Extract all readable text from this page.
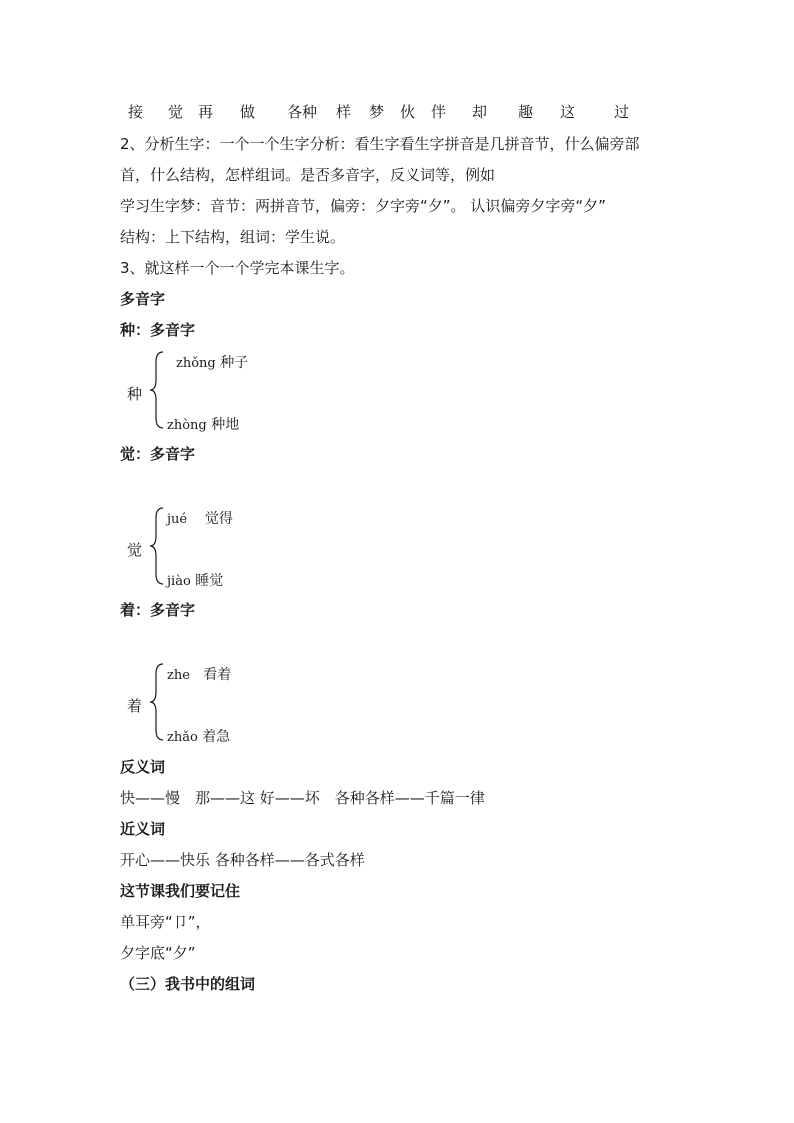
接 觉 再 做 各种 样 梦 伙 伴 却 趣 这	过
2、分析生字：一个一个生字分析：看生字看生字拼音是几拼音节，什么偏旁部
首，什么结构，怎样组词。是否多音字，反义词等，例如
学习生字梦：音节：两拼音节，偏旁：夕字旁“夕”。 认识偏旁夕字旁“夕”
结构：上下结构，组词：学生说。
3、就这样一个一个学完本课生字。
多音字
种：多音字
种
zhǒng 种子
zhòng 种地
觉：多音字
觉
jué 觉得
jiào 睡觉
着：多音字
着
zhe 看着
zhǎo 着急
反义词
快——慢　那——这 好——坏　各种各样——千篇一律
近义词
开心——快乐 各种各样——各式各样
这节课我们要记住
单耳旁“卩”，
夕字底“夕”
（三）我书中的组词
